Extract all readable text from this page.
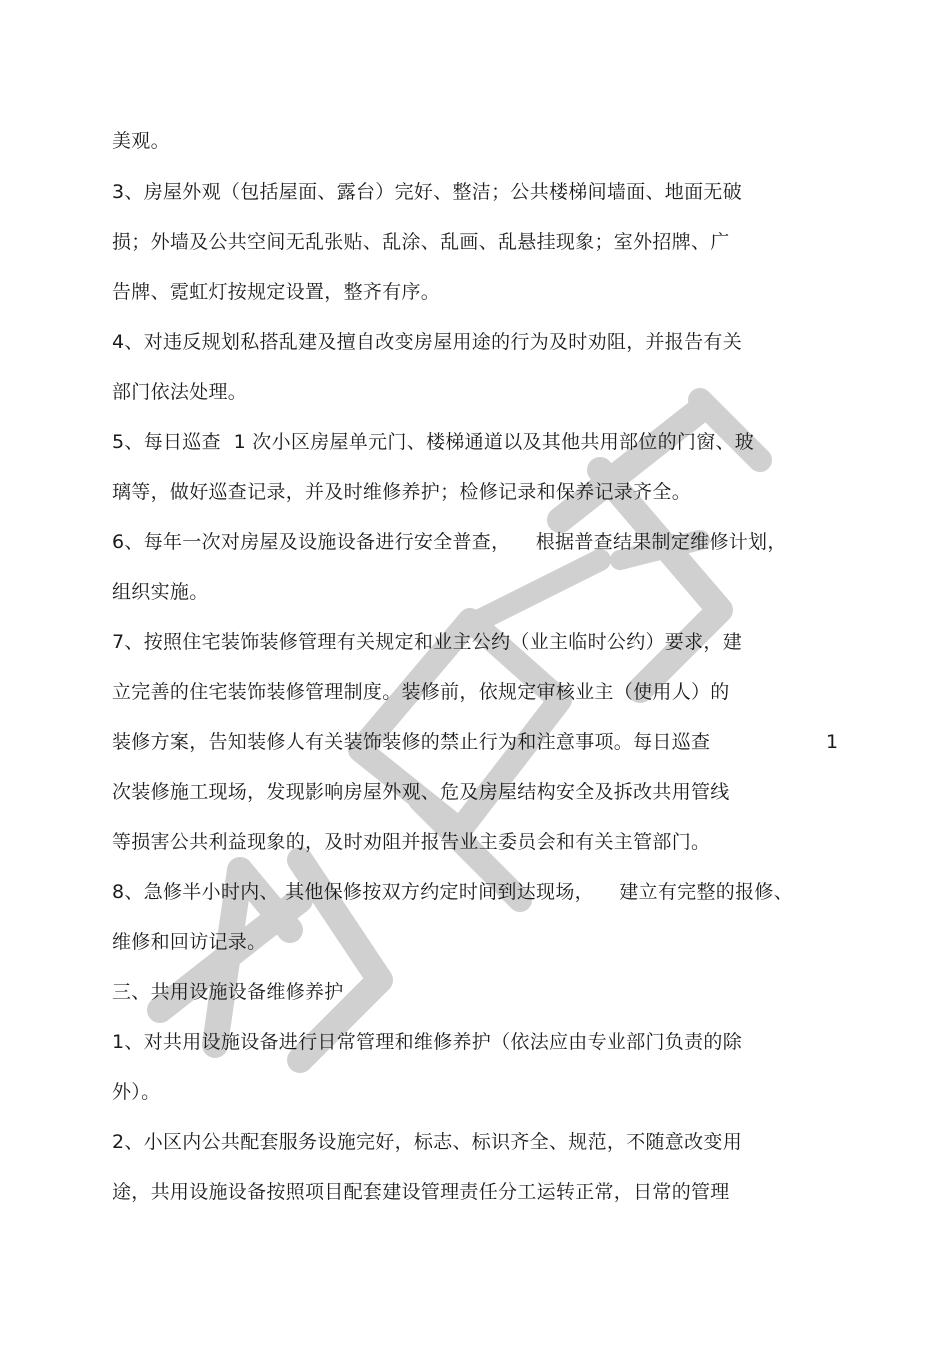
美观。
3、房屋外观（包括屋面、露台）完好、整洁；公共楼梯间墙面、地面无破
损；外墙及公共空间无乱张贴、乱涂、乱画、乱悬挂现象；室外招牌、广
告牌、霓虹灯按规定设置，整齐有序。
4、对违反规划私搭乱建及擅自改变房屋用途的行为及时劝阻，并报告有关
部门依法处理。
5、每日巡查  1 次小区房屋单元门、楼梯通道以及其他共用部位的门窗、玻
璃等，做好巡查记录，并及时维修养护；检修记录和保养记录齐全。
6、每年一次对房屋及设施设备进行安全普查，    根据普查结果制定维修计划，
组织实施。
7、按照住宅装饰装修管理有关规定和业主公约（业主临时公约）要求，建
立完善的住宅装饰装修管理制度。装修前，依规定审核业主（使用人）的
装修方案，告知装修人有关装饰装修的禁止行为和注意事项。每日巡查	1
次装修施工现场，发现影响房屋外观、危及房屋结构安全及拆改共用管线
等损害公共利益现象的，及时劝阻并报告业主委员会和有关主管部门。
8、急修半小时内、 其他保修按双方约定时间到达现场，    建立有完整的报修、
维修和回访记录。
三、共用设施设备维修养护
1、对共用设施设备进行日常管理和维修养护（依法应由专业部门负责的除
外）。
2、小区内公共配套服务设施完好，标志、标识齐全、规范，不随意改变用
途，共用设施设备按照项目配套建设管理责任分工运转正常，日常的管理
